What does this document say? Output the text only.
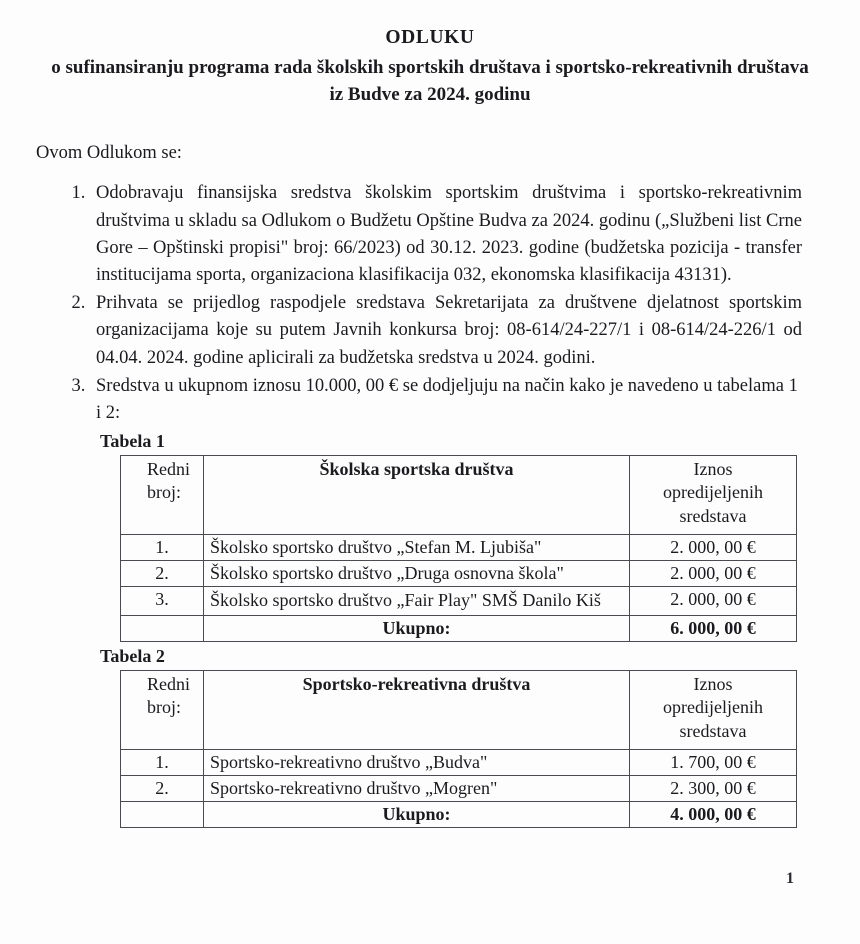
ODLUKU
o sufinansiranju programa rada školskih sportskih društava i sportsko-rekreativnih društava iz Budve za 2024. godinu
Ovom Odlukom se:

1. Odobravaju finansijska sredstva školskim sportskim društvima i sportsko-rekreativnim društvima u skladu sa Odlukom o Budžetu Opštine Budva za 2024. godinu („Službeni list Crne Gore – Opštinski propisi" broj: 66/2023) od 30.12. 2023. godine (budžetska pozicija - transfer institucijama sporta, organizaciona klasifikacija 032, ekonomska klasifikacija 43131).

2. Prihvata se prijedlog raspodjele sredstava Sekretarijata za društvene djelatnost sportskim organizacijama koje su putem Javnih konkursa broj: 08-614/24-227/1 i 08-614/24-226/1 od 04.04. 2024. godine aplicirali za budžetska sredstva u 2024. godini.

3. Sredstva u ukupnom iznosu 10.000, 00 € se dodjeljuju na način kako je navedeno u tabelama 1 i 2:

Tabela 1
Redni
broj:	Školska sportska društva	Iznos
opredijeljenih
sredstava
1.	Školsko sportsko društvo „Stefan M. Ljubiša"	2. 000, 00 €
2.	Školsko sportsko društvo „Druga osnovna škola"	2. 000, 00 €
3.	Školsko sportsko društvo „Fair Play" SMŠ Danilo Kiš	2. 000, 00 €
	Ukupno:	6. 000, 00 €
Tabela 2
Redni
broj:	Sportsko-rekreativna društva	Iznos
opredijeljenih
sredstava
1.	Sportsko-rekreativno društvo „Budva"	1. 700, 00 €
2.	Sportsko-rekreativno društvo „Mogren"	2. 300, 00 €
	Ukupno:	4. 000, 00 €
1
